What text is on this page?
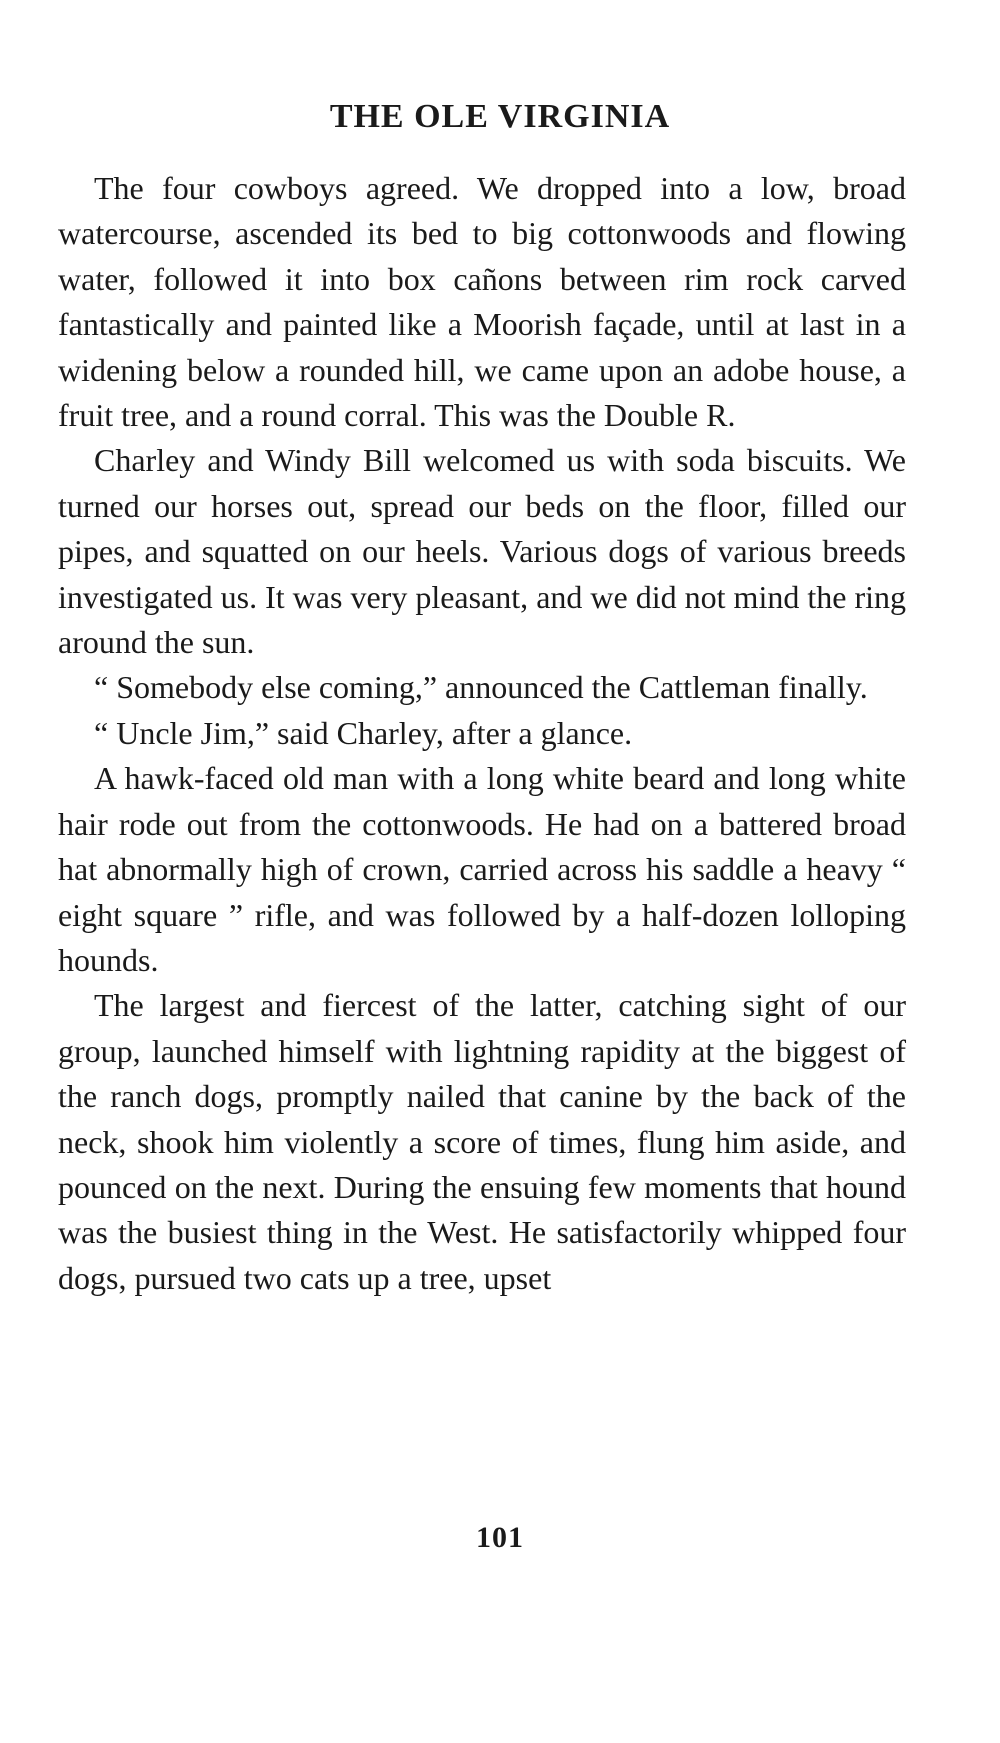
THE OLE VIRGINIA

The four cowboys agreed. We dropped into a low, broad watercourse, ascended its bed to big cottonwoods and flowing water, followed it into box cañons between rim rock carved fantastically and painted like a Moorish façade, until at last in a widening below a rounded hill, we came upon an adobe house, a fruit tree, and a round corral. This was the Double R.

Charley and Windy Bill welcomed us with soda biscuits. We turned our horses out, spread our beds on the floor, filled our pipes, and squatted on our heels. Various dogs of various breeds investigated us. It was very pleasant, and we did not mind the ring around the sun.

“ Somebody else coming,” announced the Cattleman finally.

“ Uncle Jim,” said Charley, after a glance.

A hawk-faced old man with a long white beard and long white hair rode out from the cottonwoods. He had on a battered broad hat abnormally high of crown, carried across his saddle a heavy “ eight square ” rifle, and was followed by a half-dozen lolloping hounds.

The largest and fiercest of the latter, catching sight of our group, launched himself with lightning rapidity at the biggest of the ranch dogs, promptly nailed that canine by the back of the neck, shook him violently a score of times, flung him aside, and pounced on the next. During the ensuing few moments that hound was the busiest thing in the West. He satisfactorily whipped four dogs, pursued two cats up a tree, upset

101
